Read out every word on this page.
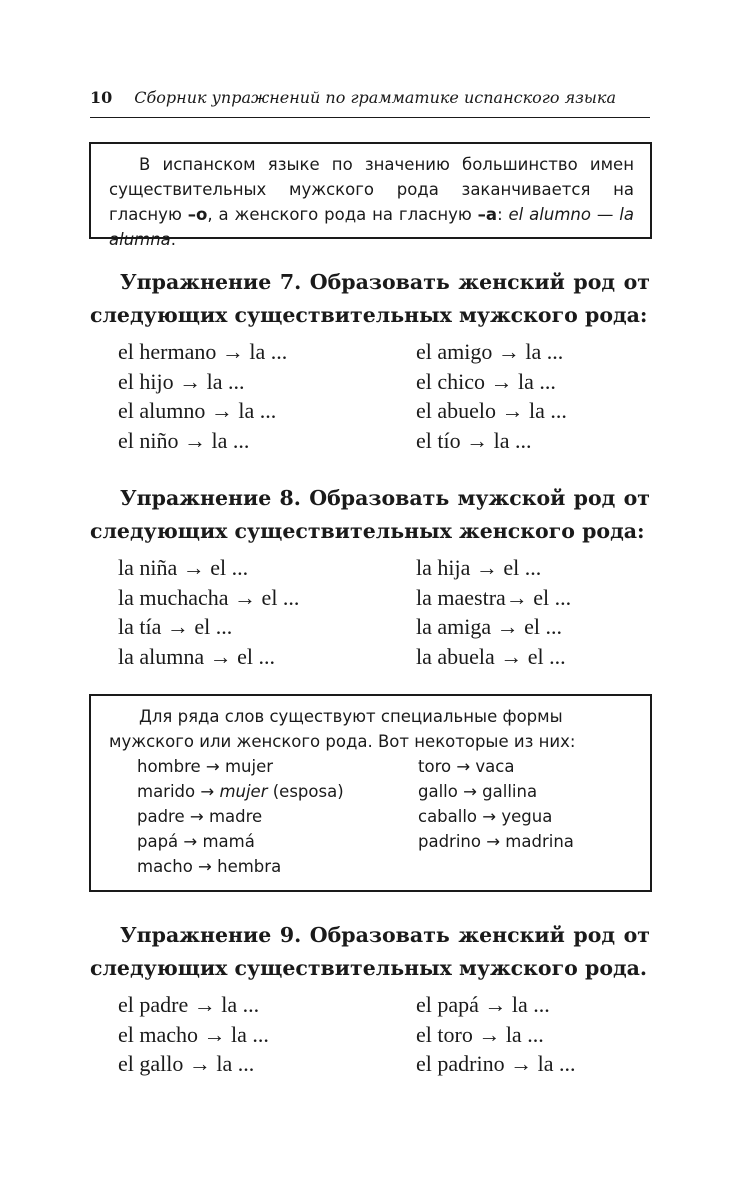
10 Сборник упражнений по грамматике испанского языка

В испанском языке по значению большинство имен существительных мужского рода заканчивается на гласную –о, а женского рода на гласную –а: el alumno — la alumna.

Упражнение 7. Образовать женский род от следующих существительных мужского рода:
el hermano → la ...	el amigo → la ...
el hijo → la ...	el chico → la ...
el alumno → la ...	el abuelo → la ...
el niño → la ...	el tío → la ...
Упражнение 8. Образовать мужской род от следующих существительных женского рода:
la niña → el ...	la hija → el ...
la muchacha → el ...	la maestra→ el ...
la tía → el ...	la amiga → el ...
la alumna → el ...	la abuela → el ...

Для ряда слов существуют специальные формы мужского или женского рода. Вот некоторые из них:

hombre → mujer	toro → vaca
marido → mujer (esposa)	gallo → gallina
padre → madre	caballo → yegua
papá → mamá	padrino → madrina
macho → hembra
Упражнение 9. Образовать женский род от следующих существительных мужского рода.
el padre → la ...	el papá → la ...
el macho → la ...	el toro → la ...
el gallo → la ...	el padrino → la ...
